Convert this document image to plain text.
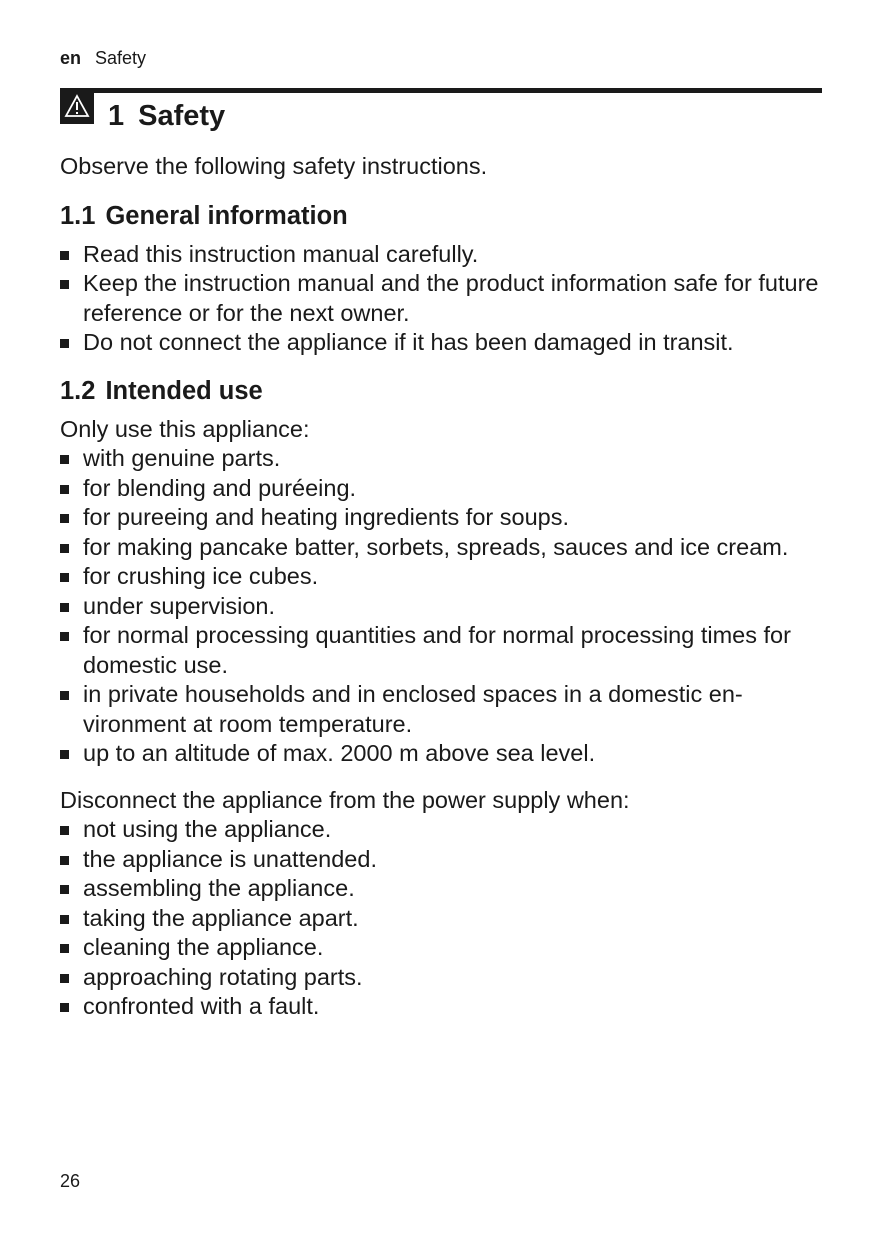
en Safety
1 Safety

Observe the following safety instructions.

1.1 General information
Read this instruction manual carefully.
Keep the instruction manual and the product information safe for future reference or for the next owner.
Do not connect the appliance if it has been damaged in transit.
1.2 Intended use

Only use this appliance:

with genuine parts.
for blending and puréeing.
for pureeing and heating ingredients for soups.
for making pancake batter, sorbets, spreads, sauces and ice cream.
for crushing ice cubes.
under supervision.
for normal processing quantities and for normal processing times for domestic use.
in private households and in enclosed spaces in a domestic en-vironment at room temperature.
up to an altitude of max. 2000 m above sea level.

Disconnect the appliance from the power supply when:

not using the appliance.
the appliance is unattended.
assembling the appliance.
taking the appliance apart.
cleaning the appliance.
approaching rotating parts.
confronted with a fault.
26
